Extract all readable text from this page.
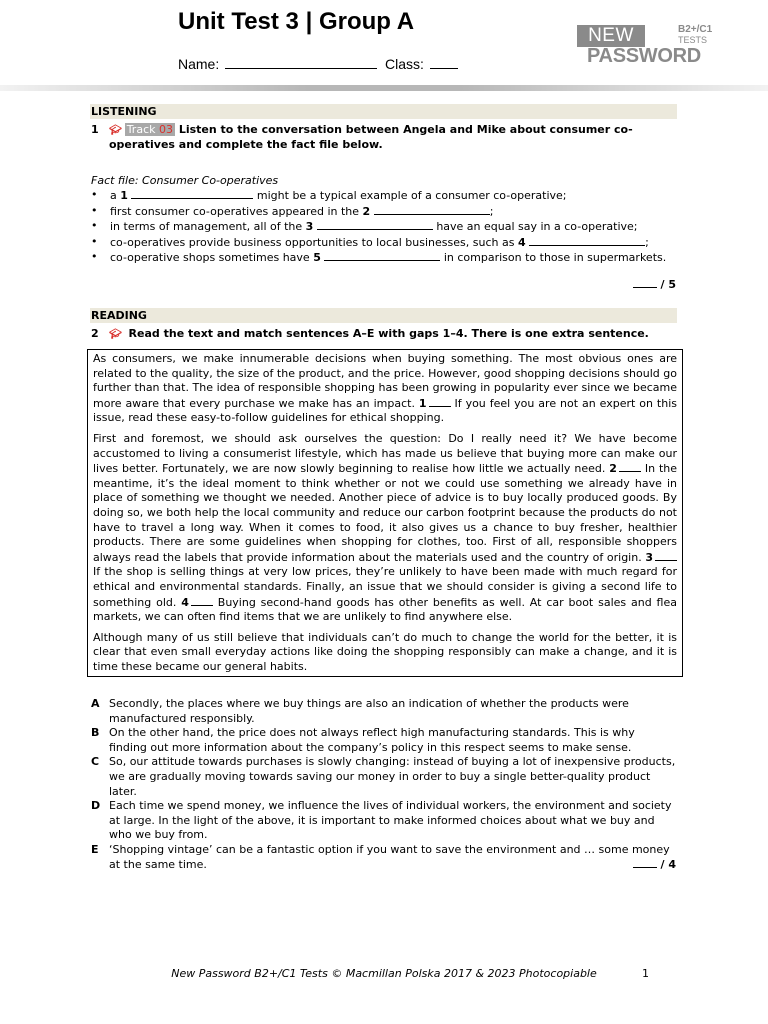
Unit Test 3 | Group A
Name:	Class:
NEW	B2+/C1
TESTS
PASSWORD
LISTENING
1 🎓︎ Track 03 Listen to the conversation between Angela and Mike about consumer co-operatives and complete the fact file below.
Fact file: Consumer Co-operatives
• a 1	might be a typical example of a consumer co-operative;
• first consumer co-operatives appeared in the 2	;
• in terms of management, all of the 3	have an equal say in a co-operative;
• co-operatives provide business opportunities to local businesses, such as 4	;
• co-operative shops sometimes have 5	in comparison to those in supermarkets.
/ 5
READING
2 🎓︎ Read the text and match sentences A–E with gaps 1–4. There is one extra sentence.

As consumers, we make innumerable decisions when buying something. The most obvious ones are related to the quality, the size of the product, and the price. However, good shopping decisions should go further than that. The idea of responsible shopping has been growing in popularity ever since we became more aware that every purchase we make has an impact. 1	If you feel you are not an expert on this issue, read these easy-to-follow guidelines for ethical shopping.

First and foremost, we should ask ourselves the question: Do I really need it? We have become accustomed to living a consumerist lifestyle, which has made us believe that buying more can make our lives better. Fortunately, we are now slowly beginning to realise how little we actually need. 2	In the meantime, it’s the ideal moment to think whether or not we could use something we already have in place of something we thought we needed. Another piece of advice is to buy locally produced goods. By doing so, we both help the local community and reduce our carbon footprint because the products do not have to travel a long way. When it comes to food, it also gives us a chance to buy fresher, healthier products. There are some guidelines when shopping for clothes, too. First of all, responsible shoppers always read the labels that provide information about the materials used and the country of origin. 3 If the shop is selling things at very low prices, they’re unlikely to have been made with much regard for ethical and environmental standards. Finally, an issue that we should consider is giving a second life to something old. 4	Buying second-hand goods has other benefits as well. At car boot sales and flea markets, we can often find items that we are unlikely to find anywhere else.

Although many of us still believe that individuals can’t do much to change the world for the better, it is clear that even small everyday actions like doing the shopping responsibly can make a change, and it is time these became our general habits.

A Secondly, the places where we buy things are also an indication of whether the products were manufactured responsibly.
B On the other hand, the price does not always reflect high manufacturing standards. This is why finding out more information about the company’s policy in this respect seems to make sense.
C So, our attitude towards purchases is slowly changing: instead of buying a lot of inexpensive products, we are gradually moving towards saving our money in order to buy a single better-quality product later.
D Each time we spend money, we influence the lives of individual workers, the environment and society at large. In the light of the above, it is important to make informed choices about what we buy and who we buy from.
E ‘Shopping vintage’ can be a fantastic option if you want to save the environment and … some money at the same time.	/ 4
New Password B2+/C1 Tests © Macmillan Polska 2017 & 2023 Photocopiable	1
